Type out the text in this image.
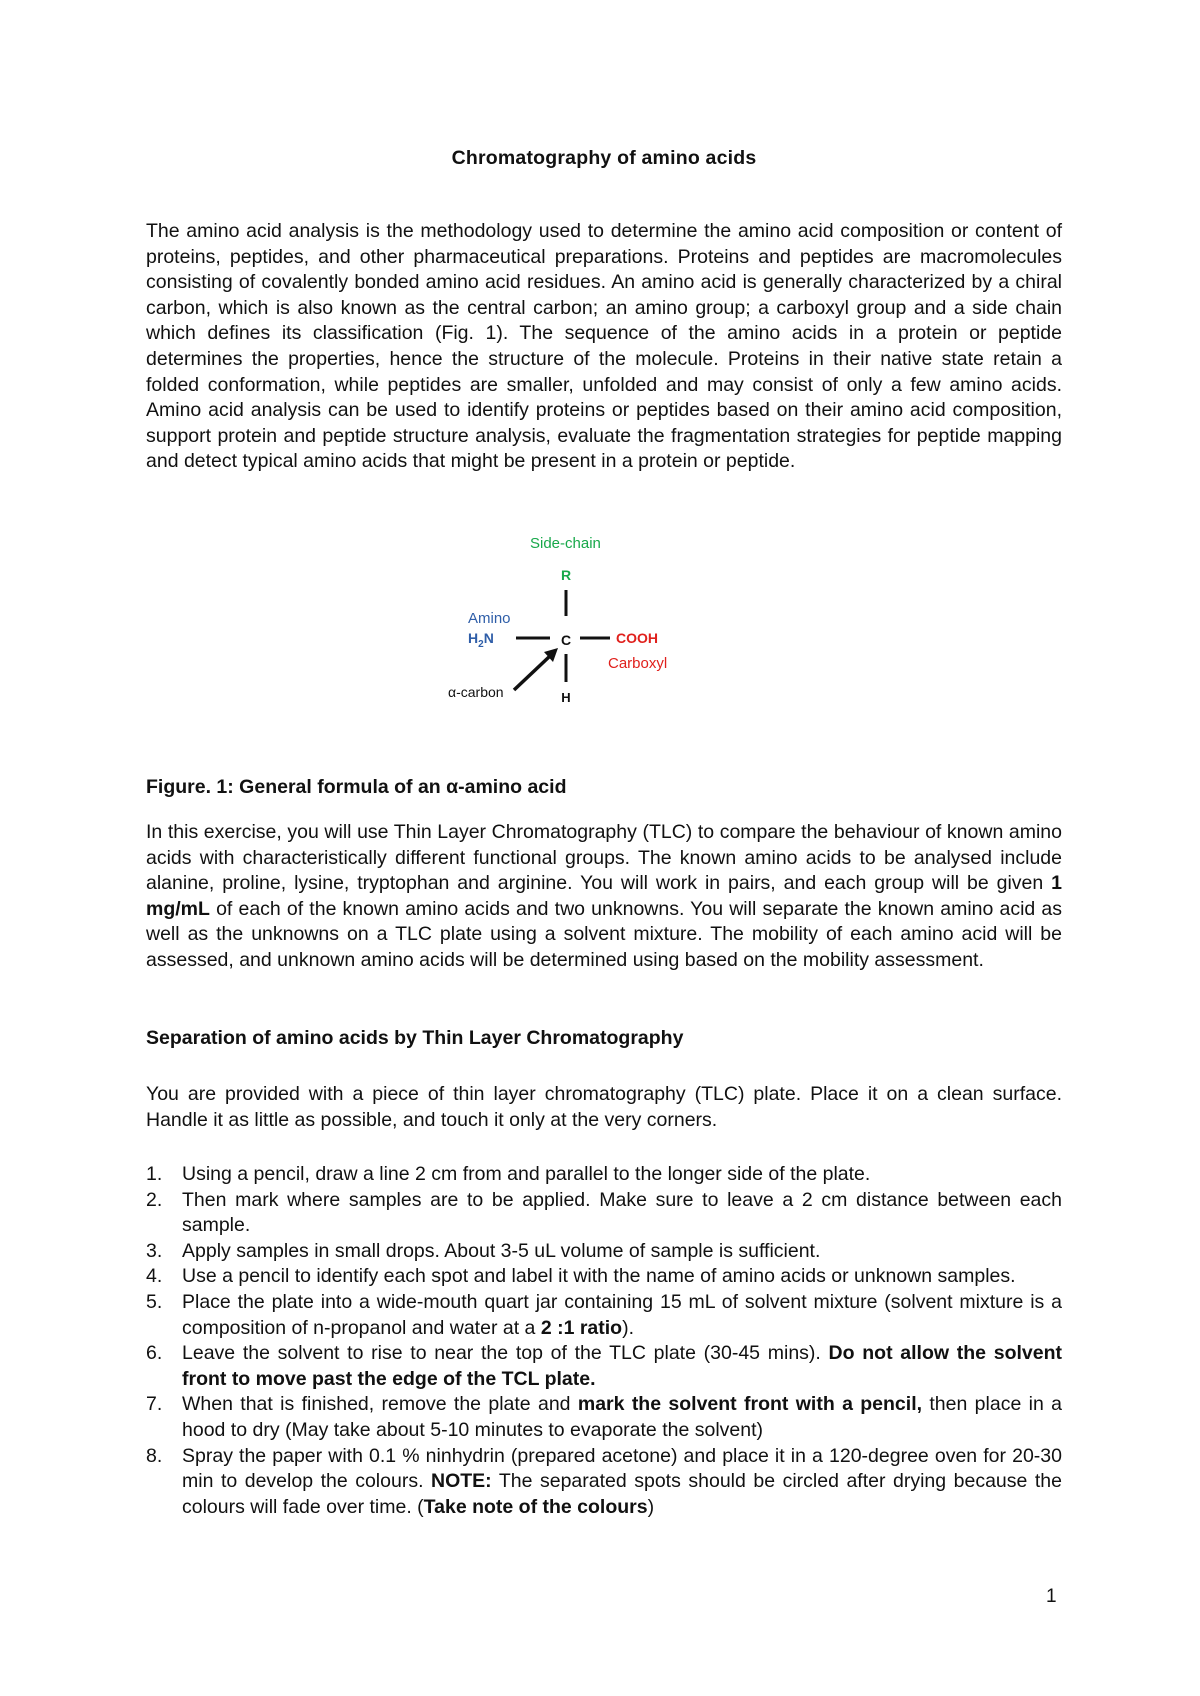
Chromatography of amino acids

The amino acid analysis is the methodology used to determine the amino acid composition or content of proteins, peptides, and other pharmaceutical preparations. Proteins and peptides are macromolecules consisting of covalently bonded amino acid residues. An amino acid is generally characterized by a chiral carbon, which is also known as the central carbon; an amino group; a carboxyl group and a side chain which defines its classification (Fig. 1). The sequence of the amino acids in a protein or peptide determines the properties, hence the structure of the molecule. Proteins in their native state retain a folded conformation, while peptides are smaller, unfolded and may consist of only a few amino acids. Amino acid analysis can be used to identify proteins or peptides based on their amino acid composition, support protein and peptide structure analysis, evaluate the fragmentation strategies for peptide mapping and detect typical amino acids that might be present in a protein or peptide.

Side-chain
R
Amino
$H_2N$	C	COOH
Carboxyl
H
α-carbon
Figure. 1: General formula of an α-amino acid

In this exercise, you will use Thin Layer Chromatography (TLC) to compare the behaviour of known amino acids with characteristically different functional groups. The known amino acids to be analysed include alanine, proline, lysine, tryptophan and arginine. You will work in pairs, and each group will be given 1 mg/mL of each of the known amino acids and two unknowns. You will separate the known amino acid as well as the unknowns on a TLC plate using a solvent mixture. The mobility of each amino acid will be assessed, and unknown amino acids will be determined using based on the mobility assessment.

Separation of amino acids by Thin Layer Chromatography

You are provided with a piece of thin layer chromatography (TLC) plate. Place it on a clean surface. Handle it as little as possible, and touch it only at the very corners.

1. Using a pencil, draw a line 2 cm from and parallel to the longer side of the plate.
2. Then mark where samples are to be applied. Make sure to leave a 2 cm distance between each sample.
3. Apply samples in small drops. About 3-5 uL volume of sample is sufficient.
4. Use a pencil to identify each spot and label it with the name of amino acids or unknown samples.
5. Place the plate into a wide-mouth quart jar containing 15 mL of solvent mixture (solvent mixture is a composition of n-propanol and water at a 2 :1 ratio).
6. Leave the solvent to rise to near the top of the TLC plate (30-45 mins). Do not allow the solvent front to move past the edge of the TCL plate.
7. When that is finished, remove the plate and mark the solvent front with a pencil, then place in a hood to dry (May take about 5-10 minutes to evaporate the solvent)
8. Spray the paper with 0.1 % ninhydrin (prepared acetone) and place it in a 120-degree oven for 20-30 min to develop the colours. NOTE: The separated spots should be circled after drying because the colours will fade over time. (Take note of the colours)
1
